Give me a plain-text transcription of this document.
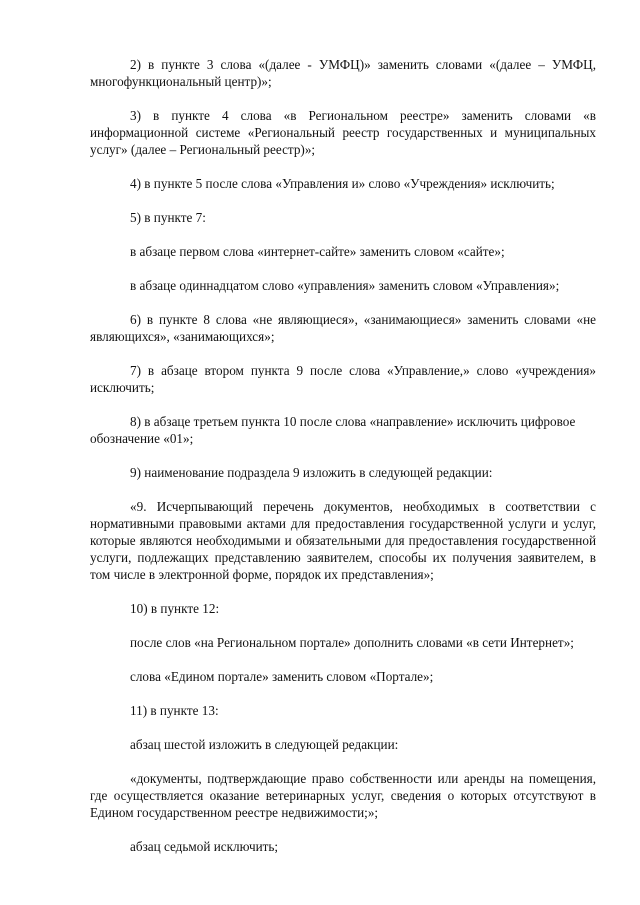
2) в пункте 3 слова «(далее - УМФЦ)» заменить словами «(далее – УМФЦ, многофункциональный центр)»;

3) в пункте 4 слова «в Региональном реестре» заменить словами «в информационной системе «Региональный реестр государственных и муниципальных услуг» (далее – Региональный реестр)»;

4) в пункте 5 после слова «Управления и» слово «Учреждения» исключить;

5) в пункте 7:

в абзаце первом слова «интернет-сайте» заменить словом «сайте»;

в абзаце одиннадцатом слово «управления» заменить словом «Управления»;

6) в пункте 8 слова «не являющиеся», «занимающиеся» заменить словами «не являющихся», «занимающихся»;

7) в абзаце втором пункта 9 после слова «Управление,» слово «учреждения» исключить;

8) в абзаце третьем пункта 10 после слова «направление» исключить цифровое обозначение «01»;

9) наименование подраздела 9 изложить в следующей редакции:

«9. Исчерпывающий перечень документов, необходимых в соответствии с нормативными правовыми актами для предоставления государственной услуги и услуг, которые являются необходимыми и обязательными для предоставления государственной услуги, подлежащих представлению заявителем, способы их получения заявителем, в том числе в электронной форме, порядок их представления»;

10) в пункте 12:

после слов «на Региональном портале» дополнить словами «в сети Интернет»;

слова «Едином портале» заменить словом «Портале»;

11) в пункте 13:

абзац шестой изложить в следующей редакции:

«документы, подтверждающие право собственности или аренды на помещения, где осуществляется оказание ветеринарных услуг, сведения о которых отсутствуют в Едином государственном реестре недвижимости;»;

абзац седьмой исключить;
